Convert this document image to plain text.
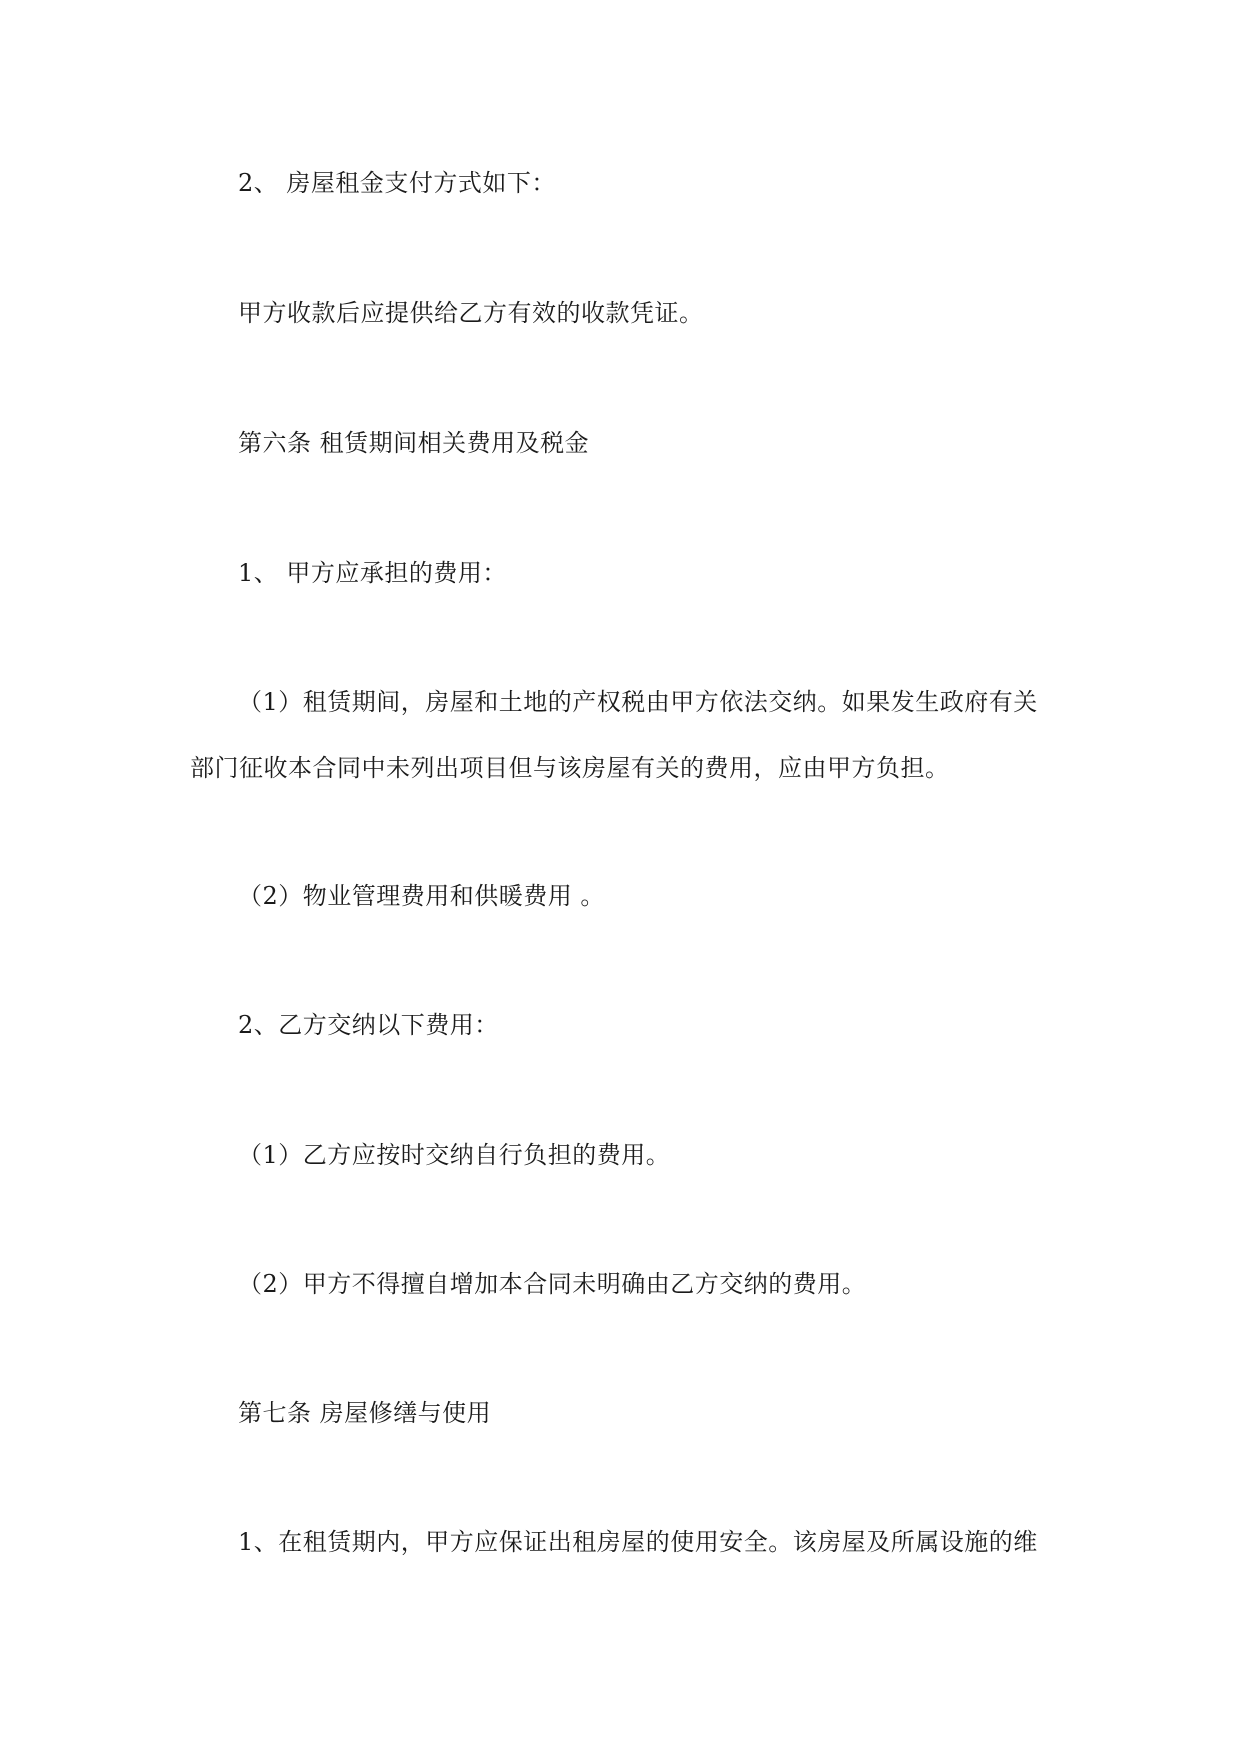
2、 房屋租金支付方式如下：
甲方收款后应提供给乙方有效的收款凭证。
第六条 租赁期间相关费用及税金
1、 甲方应承担的费用：
（1）租赁期间，房屋和土地的产权税由甲方依法交纳。如果发生政府有关
部门征收本合同中未列出项目但与该房屋有关的费用，应由甲方负担。
（2）物业管理费用和供暖费用 。
2、乙方交纳以下费用：
（1）乙方应按时交纳自行负担的费用。
（2）甲方不得擅自增加本合同未明确由乙方交纳的费用。
第七条 房屋修缮与使用
1、在租赁期内，甲方应保证出租房屋的使用安全。该房屋及所属设施的维
